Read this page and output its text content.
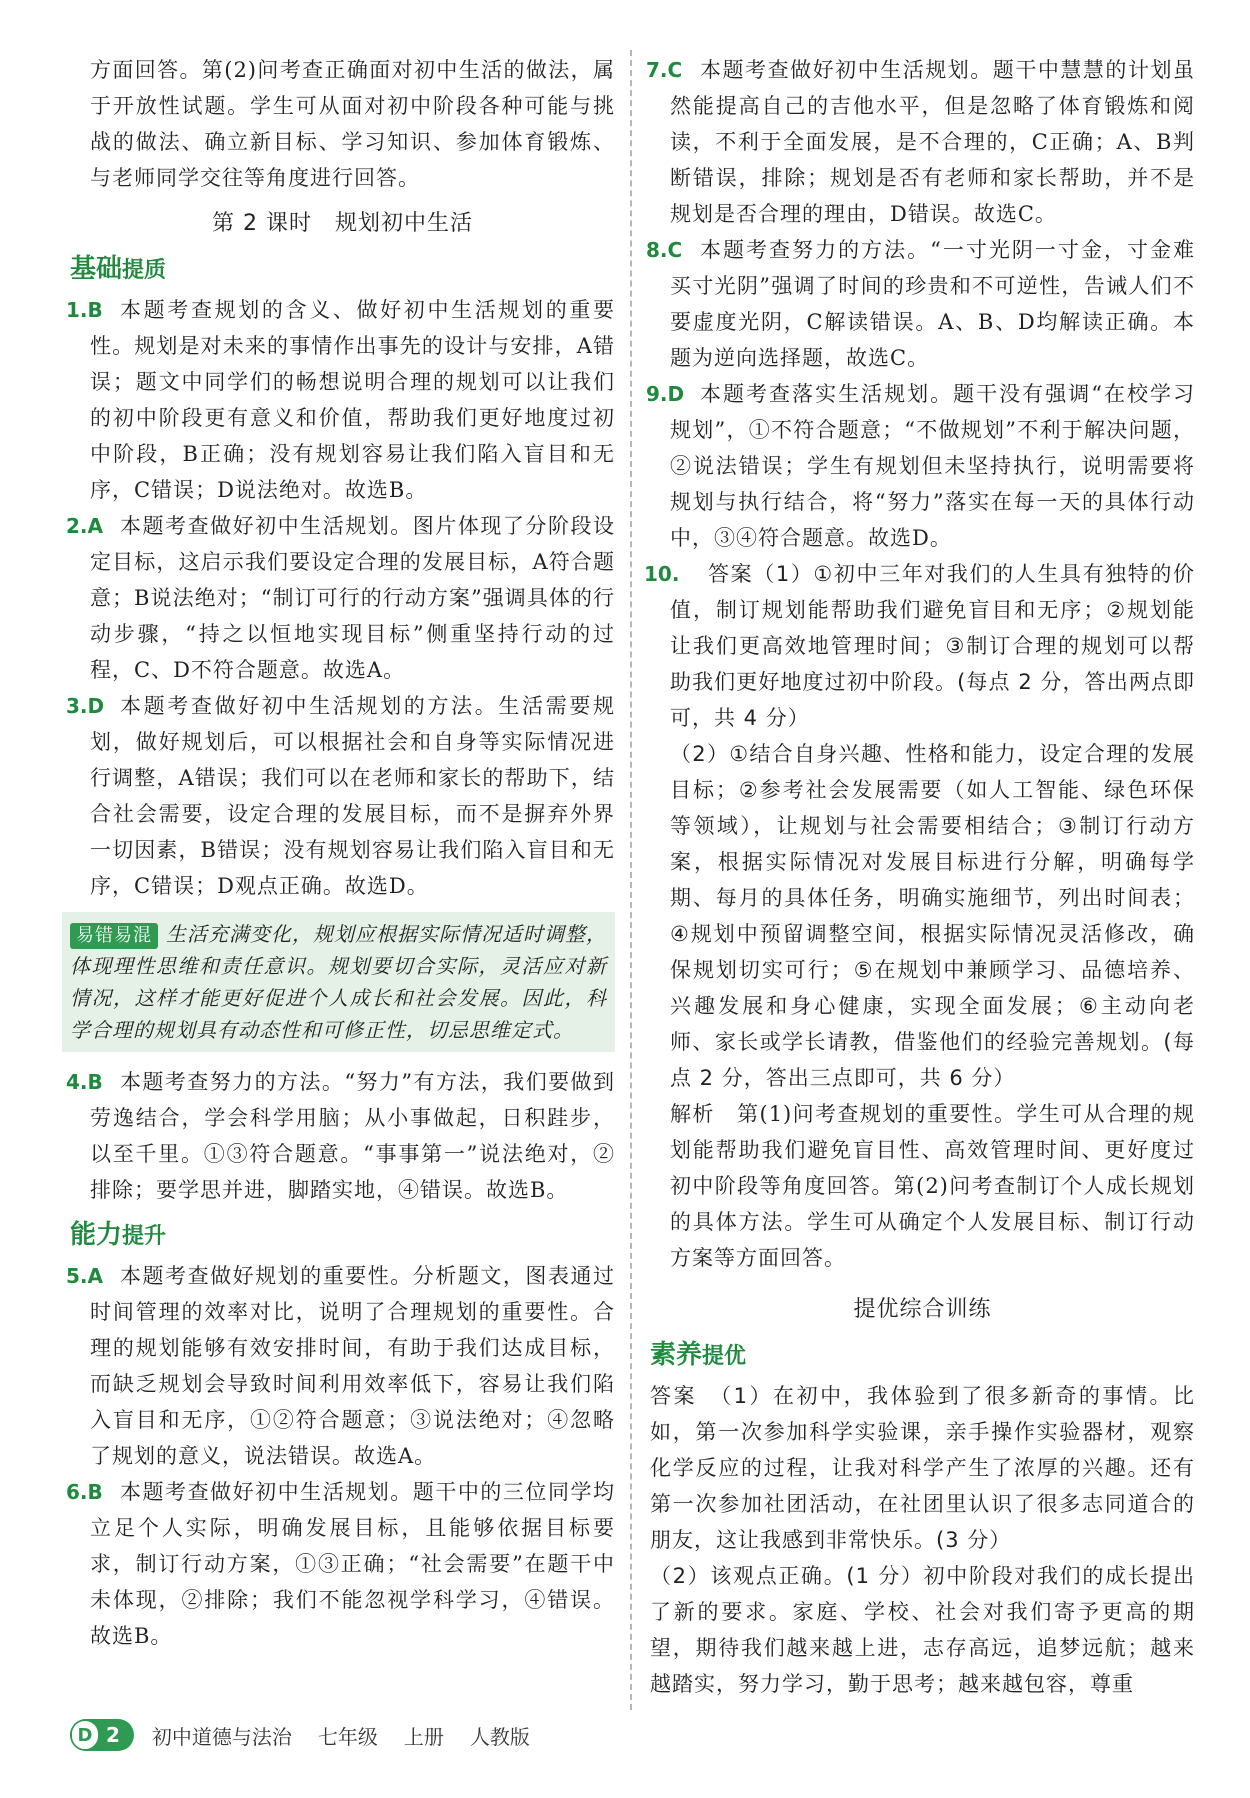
方面回答。第(2)问考查正确面对初中生活的做法，属于开放性试题。学生可从面对初中阶段各种可能与挑战的做法、确立新目标、学习知识、参加体育锻炼、与老师同学交往等角度进行回答。

第 2 课时　规划初中生活
基础提质
1.B 本题考查规划的含义、做好初中生活规划的重要性。规划是对未来的事情作出事先的设计与安排，A错误；题文中同学们的畅想说明合理的规划可以让我们的初中阶段更有意义和价值，帮助我们更好地度过初中阶段，B正确；没有规划容易让我们陷入盲目和无序，C错误；D说法绝对。故选B。

2.A 本题考查做好初中生活规划。图片体现了分阶段设定目标，这启示我们要设定合理的发展目标，A符合题意；B说法绝对；“制订可行的行动方案”强调具体的行动步骤，“持之以恒地实现目标”侧重坚持行动的过程，C、D不符合题意。故选A。

3.D 本题考查做好初中生活规划的方法。生活需要规划，做好规划后，可以根据社会和自身等实际情况进行调整，A错误；我们可以在老师和家长的帮助下，结合社会需要，设定合理的发展目标，而不是摒弃外界一切因素，B错误；没有规划容易让我们陷入盲目和无序，C错误；D观点正确。故选D。

易错易混 生活充满变化，规划应根据实际情况适时调整，体现理性思维和责任意识。规划要切合实际，灵活应对新情况，这样才能更好促进个人成长和社会发展。因此，科学合理的规划具有动态性和可修正性，切忌思维定式。
4.B 本题考查努力的方法。“努力”有方法，我们要做到劳逸结合，学会科学用脑；从小事做起，日积跬步，以至千里。①③符合题意。“事事第一”说法绝对，②排除；要学思并进，脚踏实地，④错误。故选B。

能力提升
5.A 本题考查做好规划的重要性。分析题文，图表通过时间管理的效率对比，说明了合理规划的重要性。合理的规划能够有效安排时间，有助于我们达成目标，而缺乏规划会导致时间利用效率低下，容易让我们陷入盲目和无序，①②符合题意；③说法绝对；④忽略了规划的意义，说法错误。故选A。

6.B 本题考查做好初中生活规划。题干中的三位同学均立足个人实际，明确发展目标，且能够依据目标要求，制订行动方案，①③正确；“社会需要”在题干中未体现，②排除；我们不能忽视学科学习，④错误。故选B。

7.C 本题考查做好初中生活规划。题干中慧慧的计划虽然能提高自己的吉他水平，但是忽略了体育锻炼和阅读，不利于全面发展，是不合理的，C正确；A、B判断错误，排除；规划是否有老师和家长帮助，并不是规划是否合理的理由，D错误。故选C。

8.C 本题考查努力的方法。“一寸光阴一寸金，寸金难买寸光阴”强调了时间的珍贵和不可逆性，告诫人们不要虚度光阴，C解读错误。A、B、D均解读正确。本题为逆向选择题，故选C。

9.D 本题考查落实生活规划。题干没有强调“在校学习规划”，①不符合题意；“不做规划”不利于解决问题，②说法错误；学生有规划但未坚持执行，说明需要将规划与执行结合，将“努力”落实在每一天的具体行动中，③④符合题意。故选D。

10.	答案（1）①初中三年对我们的人生具有独特的价值，制订规划能帮助我们避免盲目和无序；②规划能让我们更高效地管理时间；③制订合理的规划可以帮助我们更好地度过初中阶段。(每点 2 分，答出两点即可，共 4 分）

（2）①结合自身兴趣、性格和能力，设定合理的发展目标；②参考社会发展需要（如人工智能、绿色环保等领域），让规划与社会需要相结合；③制订行动方案，根据实际情况对发展目标进行分解，明确每学期、每月的具体任务，明确实施细节，列出时间表；④规划中预留调整空间，根据实际情况灵活修改，确保规划切实可行；⑤在规划中兼顾学习、品德培养、兴趣发展和身心健康，实现全面发展；⑥主动向老师、家长或学长请教，借鉴他们的经验完善规划。(每点 2 分，答出三点即可，共 6 分）

解析　 第(1)问考查规划的重要性。学生可从合理的规划能帮助我们避免盲目性、高效管理时间、更好度过初中阶段等角度回答。第(2)问考查制订个人成长规划的具体方法。学生可从确定个人发展目标、制订行动方案等方面回答。

提优综合训练
素养提优

答案　 （1）在初中，我体验到了很多新奇的事情。比如，第一次参加科学实验课，亲手操作实验器材，观察化学反应的过程，让我对科学产生了浓厚的兴趣。还有第一次参加社团活动，在社团里认识了很多志同道合的朋友，这让我感到非常快乐。(3 分）

（2）该观点正确。(1 分）初中阶段对我们的成长提出了新的要求。家庭、学校、社会对我们寄予更高的期望，期待我们越来越上进，志存高远，追梦远航；越来越踏实，努力学习，勤于思考；越来越包容，尊重

D 2	初中道德与法治 七年级 上册 人教版
